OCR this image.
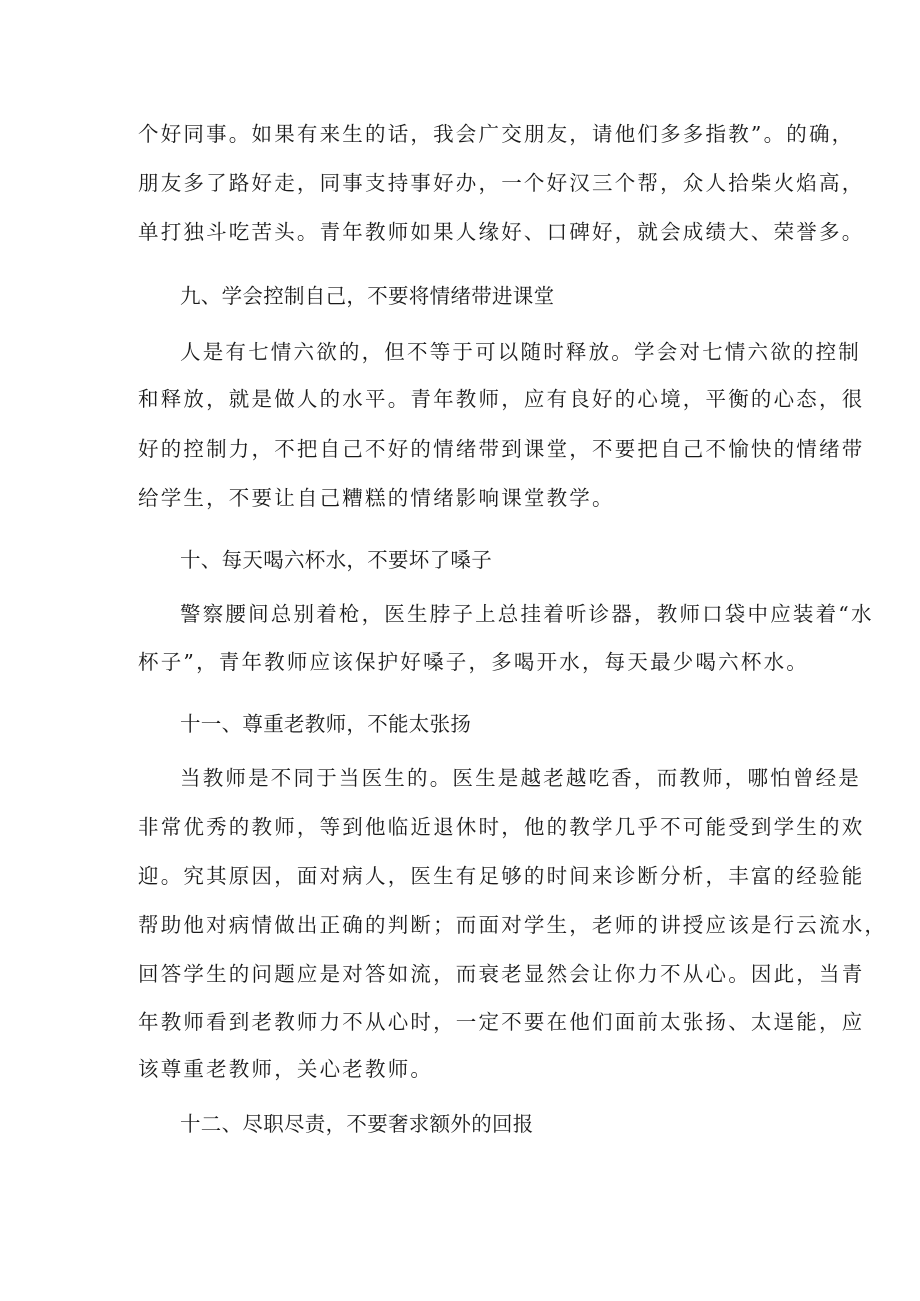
个好同事。如果有来生的话，我会广交朋友，请他们多多指教”。的确，
朋友多了路好走，同事支持事好办，一个好汉三个帮，众人拾柴火焰高，
单打独斗吃苦头。青年教师如果人缘好、口碑好，就会成绩大、荣誉多。
九、学会控制自己，不要将情绪带进课堂
人是有七情六欲的，但不等于可以随时释放。学会对七情六欲的控制
和释放，就是做人的水平。青年教师，应有良好的心境，平衡的心态，很
好的控制力，不把自己不好的情绪带到课堂，不要把自己不愉快的情绪带
给学生，不要让自己糟糕的情绪影响课堂教学。
十、每天喝六杯水，不要坏了嗓子
警察腰间总别着枪，医生脖子上总挂着听诊器，教师口袋中应装着“水
杯子”，青年教师应该保护好嗓子，多喝开水，每天最少喝六杯水。
十一、尊重老教师，不能太张扬
当教师是不同于当医生的。医生是越老越吃香，而教师，哪怕曾经是
非常优秀的教师，等到他临近退休时，他的教学几乎不可能受到学生的欢
迎。究其原因，面对病人，医生有足够的时间来诊断分析，丰富的经验能
帮助他对病情做出正确的判断；而面对学生，老师的讲授应该是行云流水，
回答学生的问题应是对答如流，而衰老显然会让你力不从心。因此，当青
年教师看到老教师力不从心时，一定不要在他们面前太张扬、太逞能，应
该尊重老教师，关心老教师。
十二、尽职尽责，不要奢求额外的回报
